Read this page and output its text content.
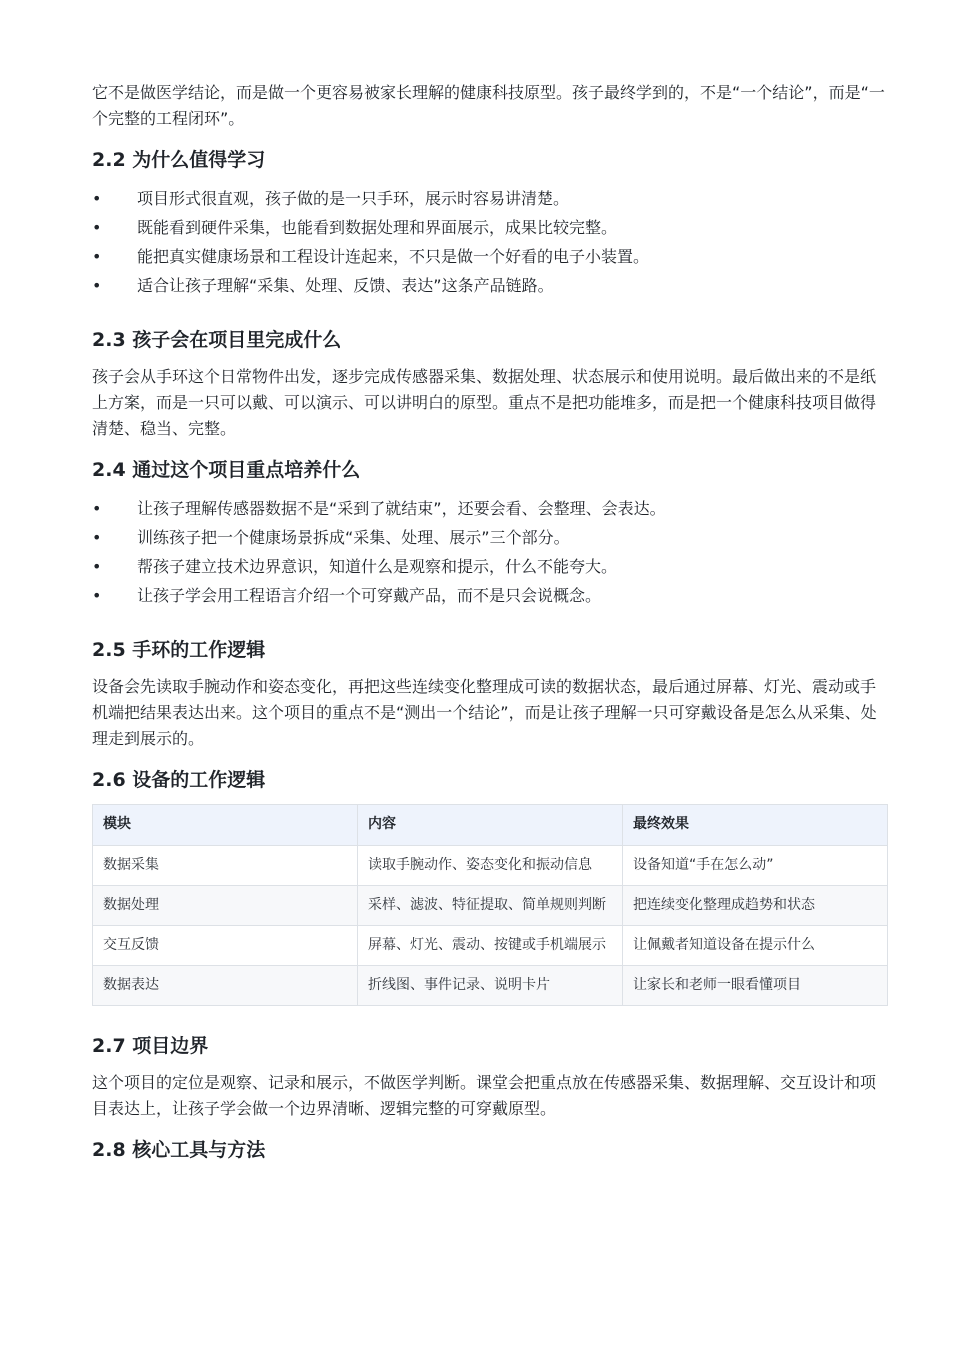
它不是做医学结论，而是做一个更容易被家长理解的健康科技原型。孩子最终学到的，不是“一个结论”，而是“一个完整的工程闭环”。

2.2 为什么值得学习
• 项目形式很直观，孩子做的是一只手环，展示时容易讲清楚。
• 既能看到硬件采集，也能看到数据处理和界面展示，成果比较完整。
• 能把真实健康场景和工程设计连起来，不只是做一个好看的电子小装置。
• 适合让孩子理解“采集、处理、反馈、表达”这条产品链路。
2.3 孩子会在项目里完成什么

孩子会从手环这个日常物件出发，逐步完成传感器采集、数据处理、状态展示和使用说明。最后做出来的不是纸上方案，而是一只可以戴、可以演示、可以讲明白的原型。重点不是把功能堆多，而是把一个健康科技项目做得清楚、稳当、完整。

2.4 通过这个项目重点培养什么
• 让孩子理解传感器数据不是“采到了就结束”，还要会看、会整理、会表达。
• 训练孩子把一个健康场景拆成“采集、处理、展示”三个部分。
• 帮孩子建立技术边界意识，知道什么是观察和提示，什么不能夸大。
• 让孩子学会用工程语言介绍一个可穿戴产品，而不是只会说概念。
2.5 手环的工作逻辑

设备会先读取手腕动作和姿态变化，再把这些连续变化整理成可读的数据状态，最后通过屏幕、灯光、震动或手机端把结果表达出来。这个项目的重点不是“测出一个结论”，而是让孩子理解一只可穿戴设备是怎么从采集、处理走到展示的。

2.6 设备的工作逻辑
模块	内容	最终效果
数据采集	读取手腕动作、姿态变化和振动信息	设备知道“手在怎么动”
数据处理	采样、滤波、特征提取、简单规则判断	把连续变化整理成趋势和状态
交互反馈	屏幕、灯光、震动、按键或手机端展示	让佩戴者知道设备在提示什么
数据表达	折线图、事件记录、说明卡片	让家长和老师一眼看懂项目
2.7 项目边界

这个项目的定位是观察、记录和展示，不做医学判断。课堂会把重点放在传感器采集、数据理解、交互设计和项目表达上，让孩子学会做一个边界清晰、逻辑完整的可穿戴原型。

2.8 核心工具与方法
